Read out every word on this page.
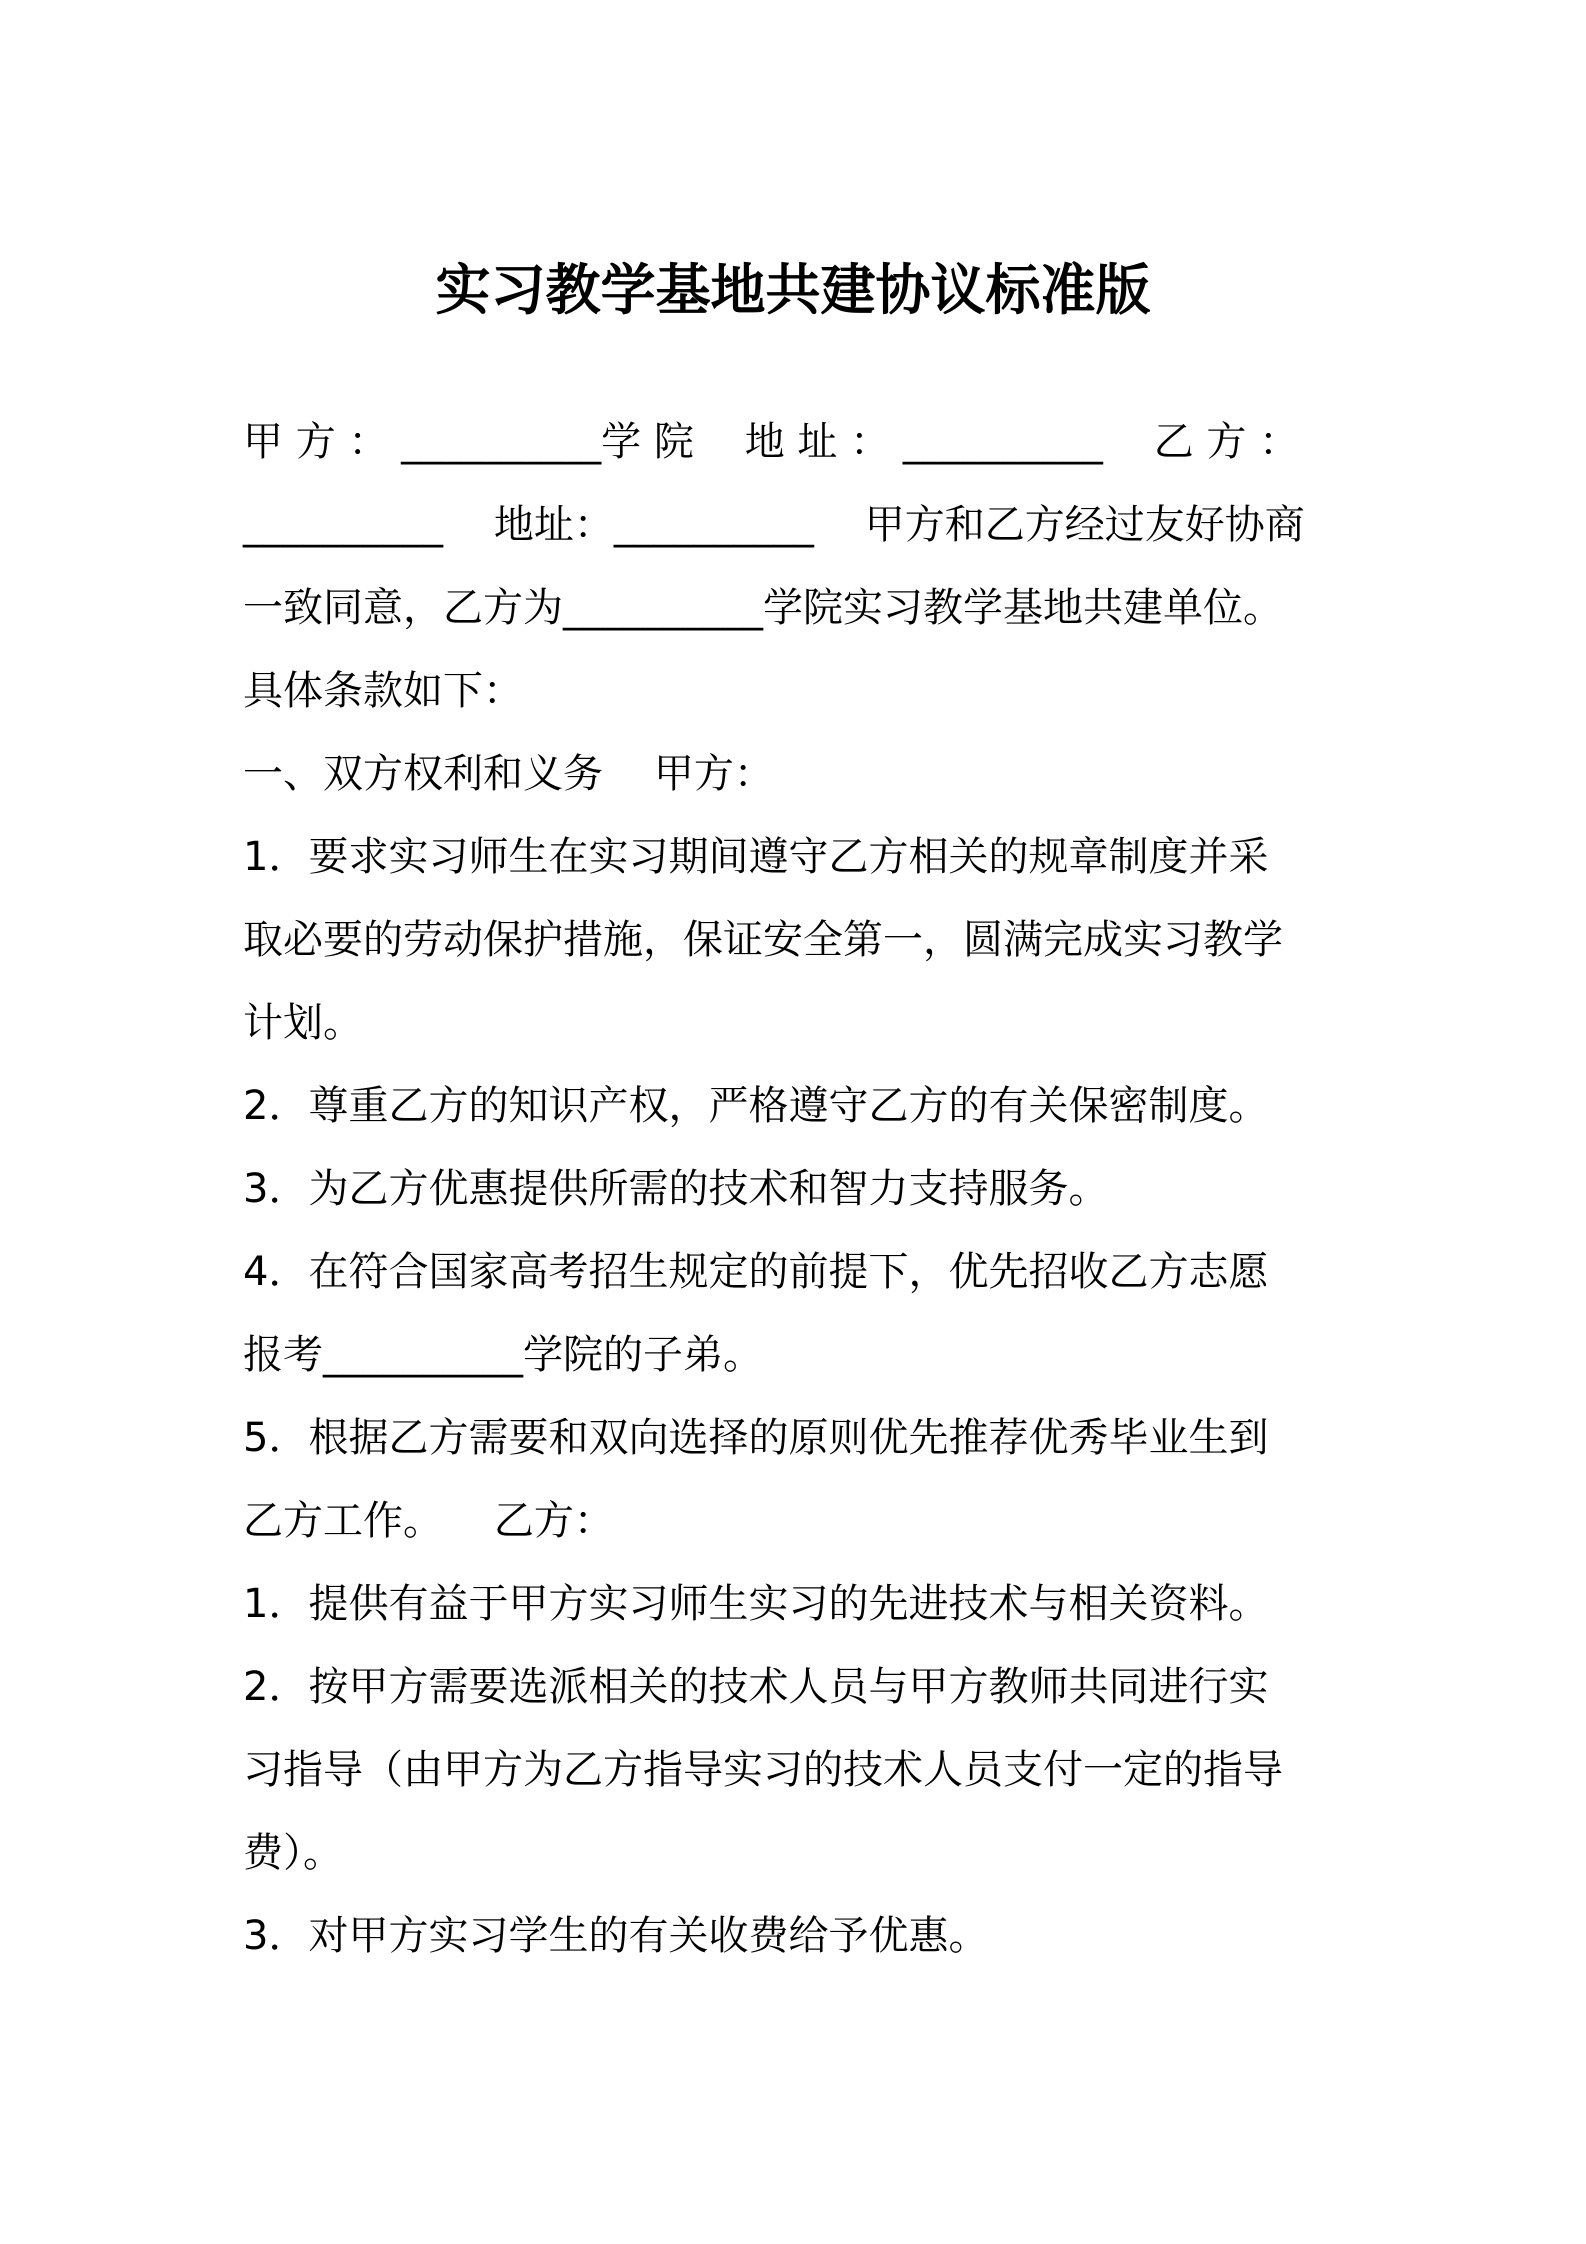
实习教学基地共建协议标准版
甲 方 ： __________学 院    地 址 ： __________    乙 方 ：
__________    地址：__________    甲方和乙方经过友好协商
一致同意，乙方为__________学院实习教学基地共建单位。
具体条款如下：
一、双方权利和义务    甲方：
1．要求实习师生在实习期间遵守乙方相关的规章制度并采
取必要的劳动保护措施，保证安全第一，圆满完成实习教学
计划。
2．尊重乙方的知识产权，严格遵守乙方的有关保密制度。
3．为乙方优惠提供所需的技术和智力支持服务。
4．在符合国家高考招生规定的前提下，优先招收乙方志愿
报考__________学院的子弟。
5．根据乙方需要和双向选择的原则优先推荐优秀毕业生到
乙方工作。    乙方：
1．提供有益于甲方实习师生实习的先进技术与相关资料。
2．按甲方需要选派相关的技术人员与甲方教师共同进行实
习指导（由甲方为乙方指导实习的技术人员支付一定的指导
费）。
3．对甲方实习学生的有关收费给予优惠。
